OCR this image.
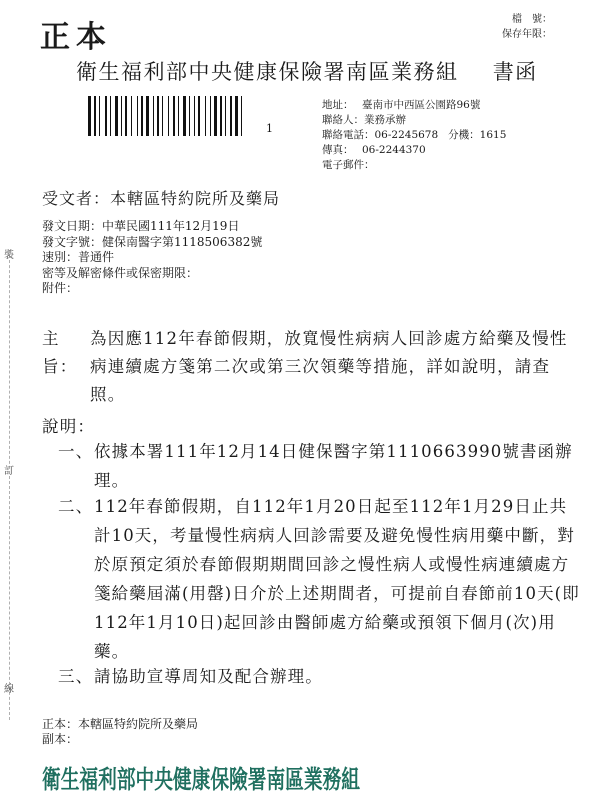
正本
檔　號：
保存年限：
衛生福利部中央健康保險署南區業務組 書函
1
地址： 臺南市中西區公園路96號
聯絡人： 業務承辦
聯絡電話： 06-2245678 分機： 1615
傳真： 06-2244370
電子郵件：
裝
訂
線
受文者：本轄區特約院所及藥局
發文日期：中華民國111年12月19日
發文字號：健保南醫字第1118506382號
速別：普通件
密等及解密條件或保密期限：
附件：
主旨：
為因應112年春節假期，放寬慢性病病人回診處方給藥及慢性病連續處方箋第二次或第三次領藥等措施，詳如說明，請查照。
說明：
一、 依據本署111年12月14日健保醫字第1110663990號書函辦理。
二、 112年春節假期，自112年1月20日起至112年1月29日止共計10天，考量慢性病病人回診需要及避免慢性病用藥中斷，對於原預定須於春節假期期間回診之慢性病人或慢性病連續處方箋給藥屆滿(用罄)日介於上述期間者，可提前自春節前10天(即112年1月10日)起回診由醫師處方給藥或預領下個月(次)用藥。
三、 請協助宣導周知及配合辦理。
正本：本轄區特約院所及藥局
副本：
衛生福利部中央健康保險署南區業務組
